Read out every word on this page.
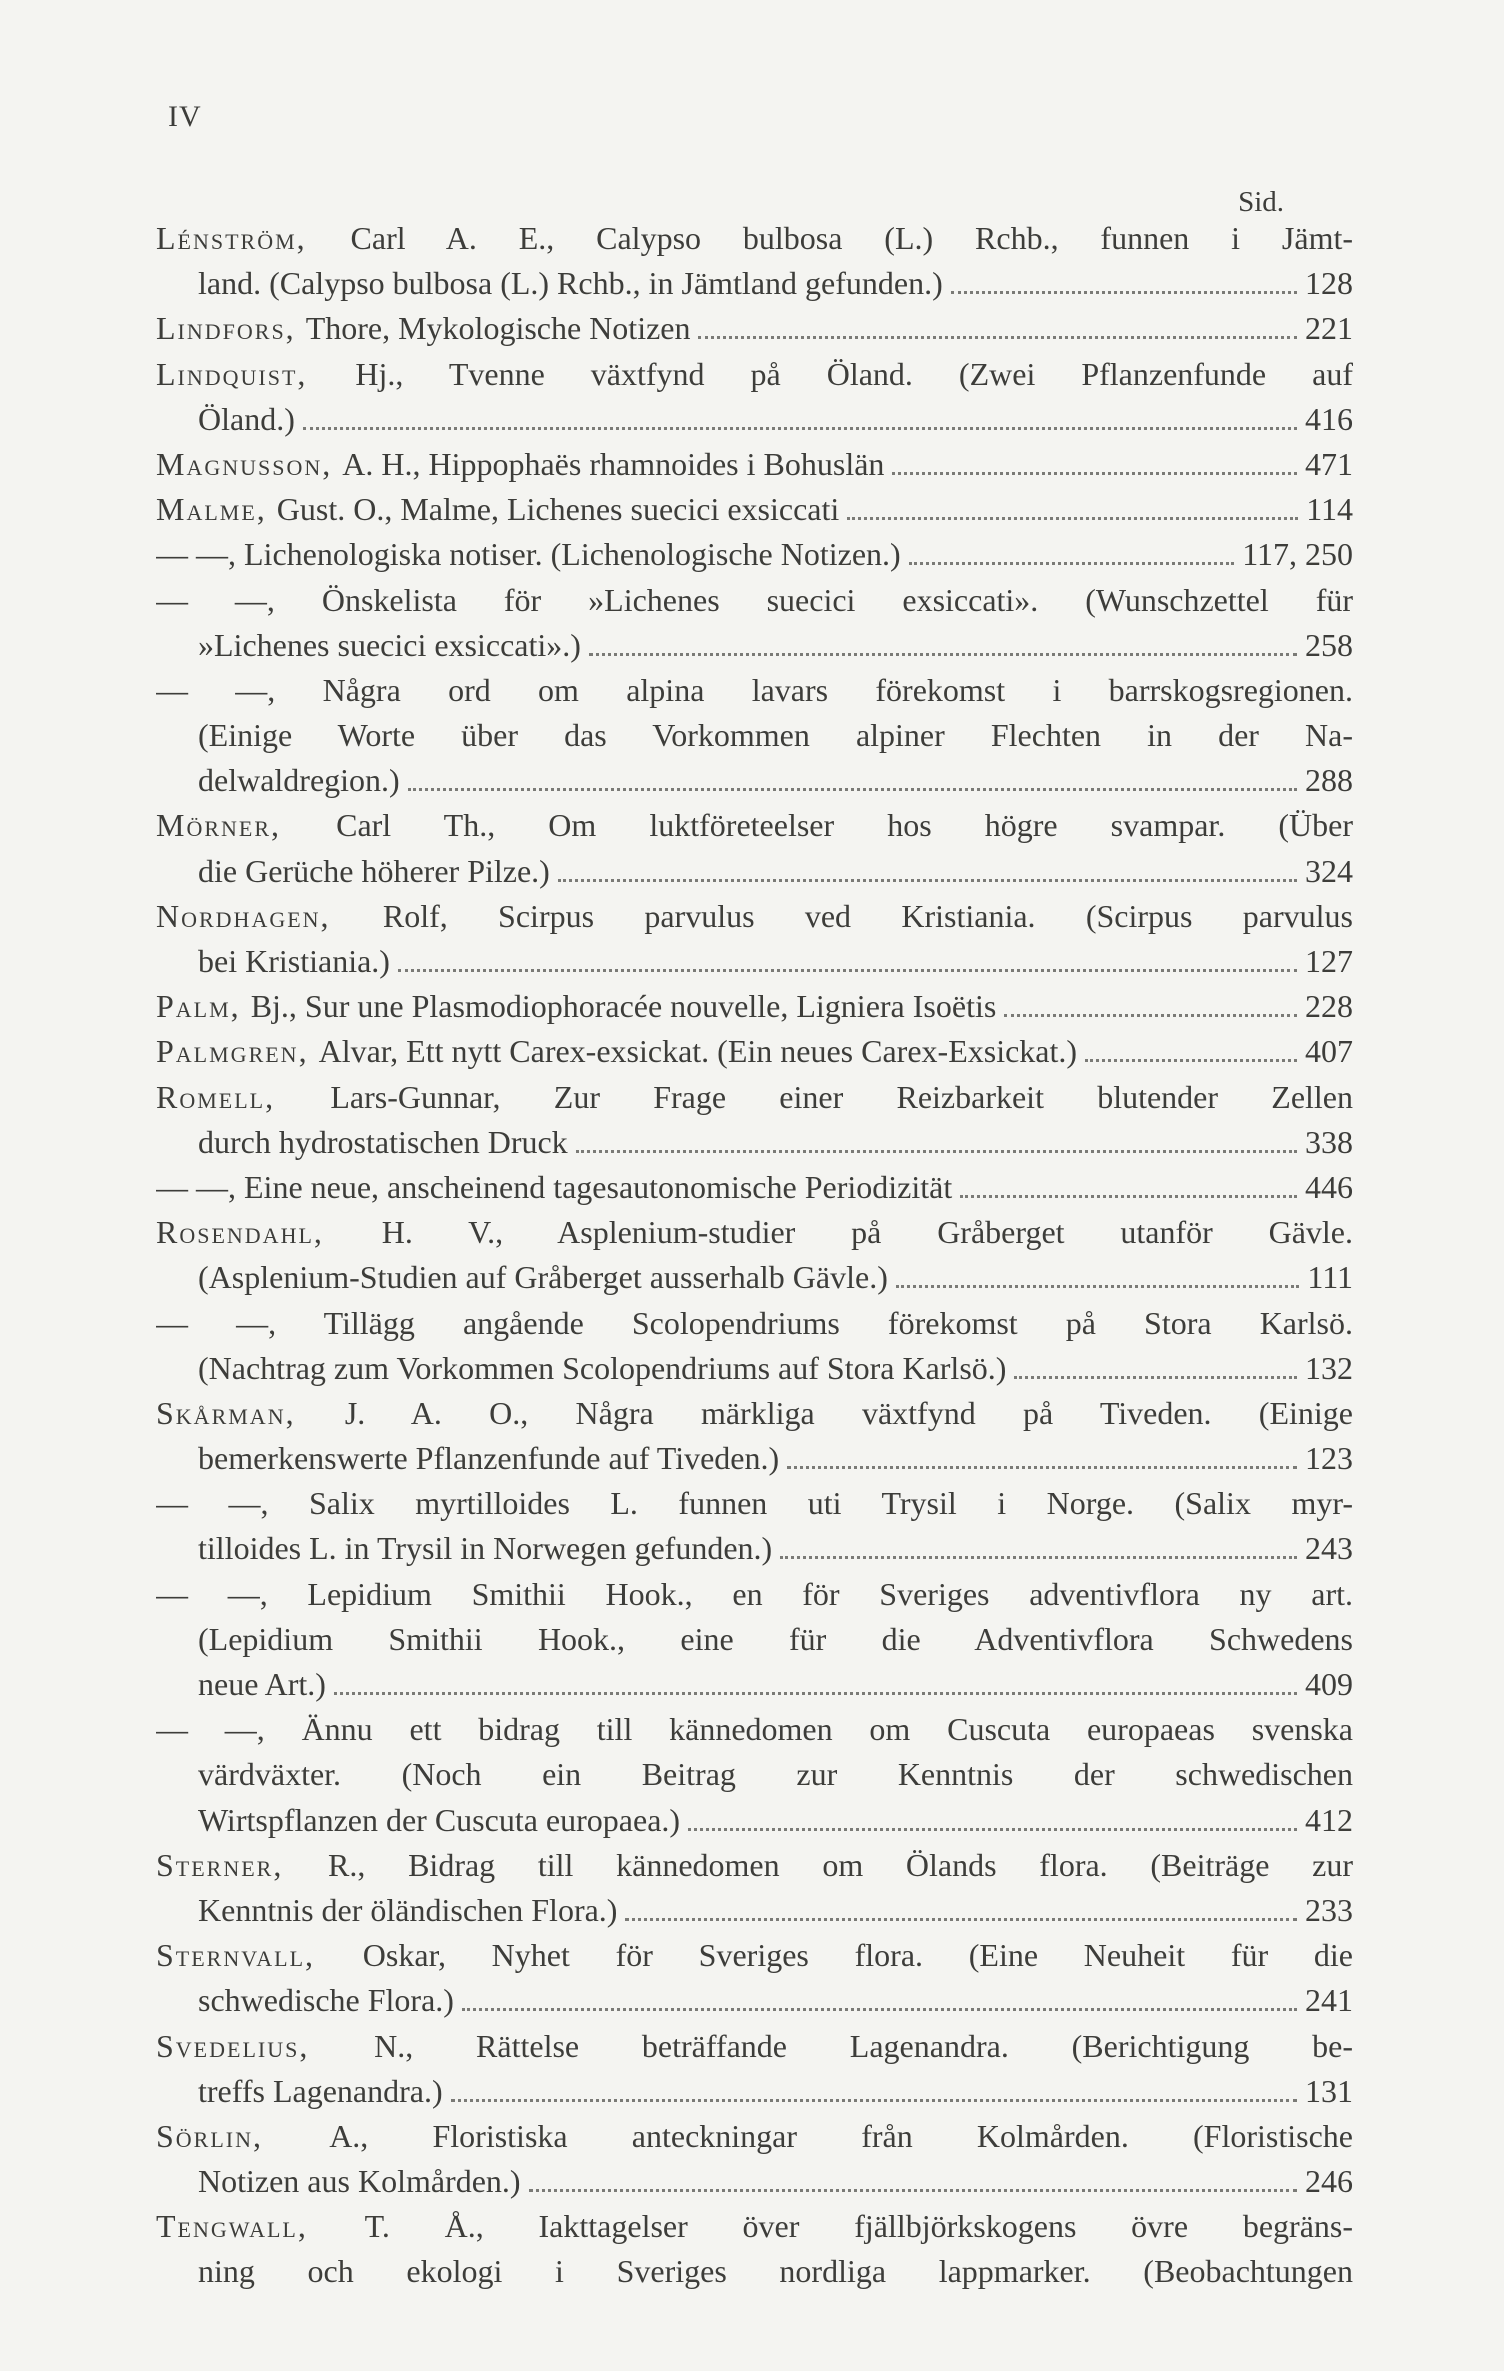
IV
Sid.
Lénström, Carl A. E., Calypso bulbosa (L.) Rchb., funnen i Jämt-
land. (Calypso bulbosa (L.) Rchb., in Jämtland gefunden.)	128
Lindfors, Thore, Mykologische Notizen	221
Lindquist, Hj., Tvenne växtfynd på Öland. (Zwei Pflanzenfunde auf
Öland.)	416
Magnusson, A. H., Hippophaës rhamnoides i Bohuslän	471
Malme, Gust. O., Malme, Lichenes suecici exsiccati	114
— —, Lichenologiska notiser. (Lichenologische Notizen.)	117, 250
— —, Önskelista för »Lichenes suecici exsiccati». (Wunschzettel für
»Lichenes suecici exsiccati».)	258
— —, Några ord om alpina lavars förekomst i barrskogsregionen.
(Einige Worte über das Vorkommen alpiner Flechten in der Na-
delwaldregion.)	288
Mörner, Carl Th., Om luktföreteelser hos högre svampar. (Über
die Gerüche höherer Pilze.)	324
Nordhagen, Rolf, Scirpus parvulus ved Kristiania. (Scirpus parvulus
bei Kristiania.)	127
Palm, Bj., Sur une Plasmodiophoracée nouvelle, Ligniera Isoëtis	228
Palmgren, Alvar, Ett nytt Carex-exsickat. (Ein neues Carex-Exsickat.)	407
Romell, Lars-Gunnar, Zur Frage einer Reizbarkeit blutender Zellen
durch hydrostatischen Druck	338
— —, Eine neue, anscheinend tagesautonomische Periodizität	446
Rosendahl, H. V., Asplenium-studier på Gråberget utanför Gävle.
(Asplenium-Studien auf Gråberget ausserhalb Gävle.)	111
— —, Tillägg angående Scolopendriums förekomst på Stora Karlsö.
(Nachtrag zum Vorkommen Scolopendriums auf Stora Karlsö.)	132
Skårman, J. A. O., Några märkliga växtfynd på Tiveden. (Einige
bemerkenswerte Pflanzenfunde auf Tiveden.)	123
— —, Salix myrtilloides L. funnen uti Trysil i Norge. (Salix myr-
tilloides L. in Trysil in Norwegen gefunden.)	243
— —, Lepidium Smithii Hook., en för Sveriges adventivflora ny art.
(Lepidium Smithii Hook., eine für die Adventivflora Schwedens
neue Art.)	409
— —, Ännu ett bidrag till kännedomen om Cuscuta europaeas svenska
värdväxter. (Noch ein Beitrag zur Kenntnis der schwedischen
Wirtspflanzen der Cuscuta europaea.)	412
Sterner, R., Bidrag till kännedomen om Ölands flora. (Beiträge zur
Kenntnis der öländischen Flora.)	233
Sternvall, Oskar, Nyhet för Sveriges flora. (Eine Neuheit für die
schwedische Flora.)	241
Svedelius, N., Rättelse beträffande Lagenandra. (Berichtigung be-
treffs Lagenandra.)	131
Sörlin, A., Floristiska anteckningar från Kolmården. (Floristische
Notizen aus Kolmården.)	246
Tengwall, T. Å., Iakttagelser över fjällbjörkskogens övre begräns-
ning och ekologi i Sveriges nordliga lappmarker. (Beobachtungen
